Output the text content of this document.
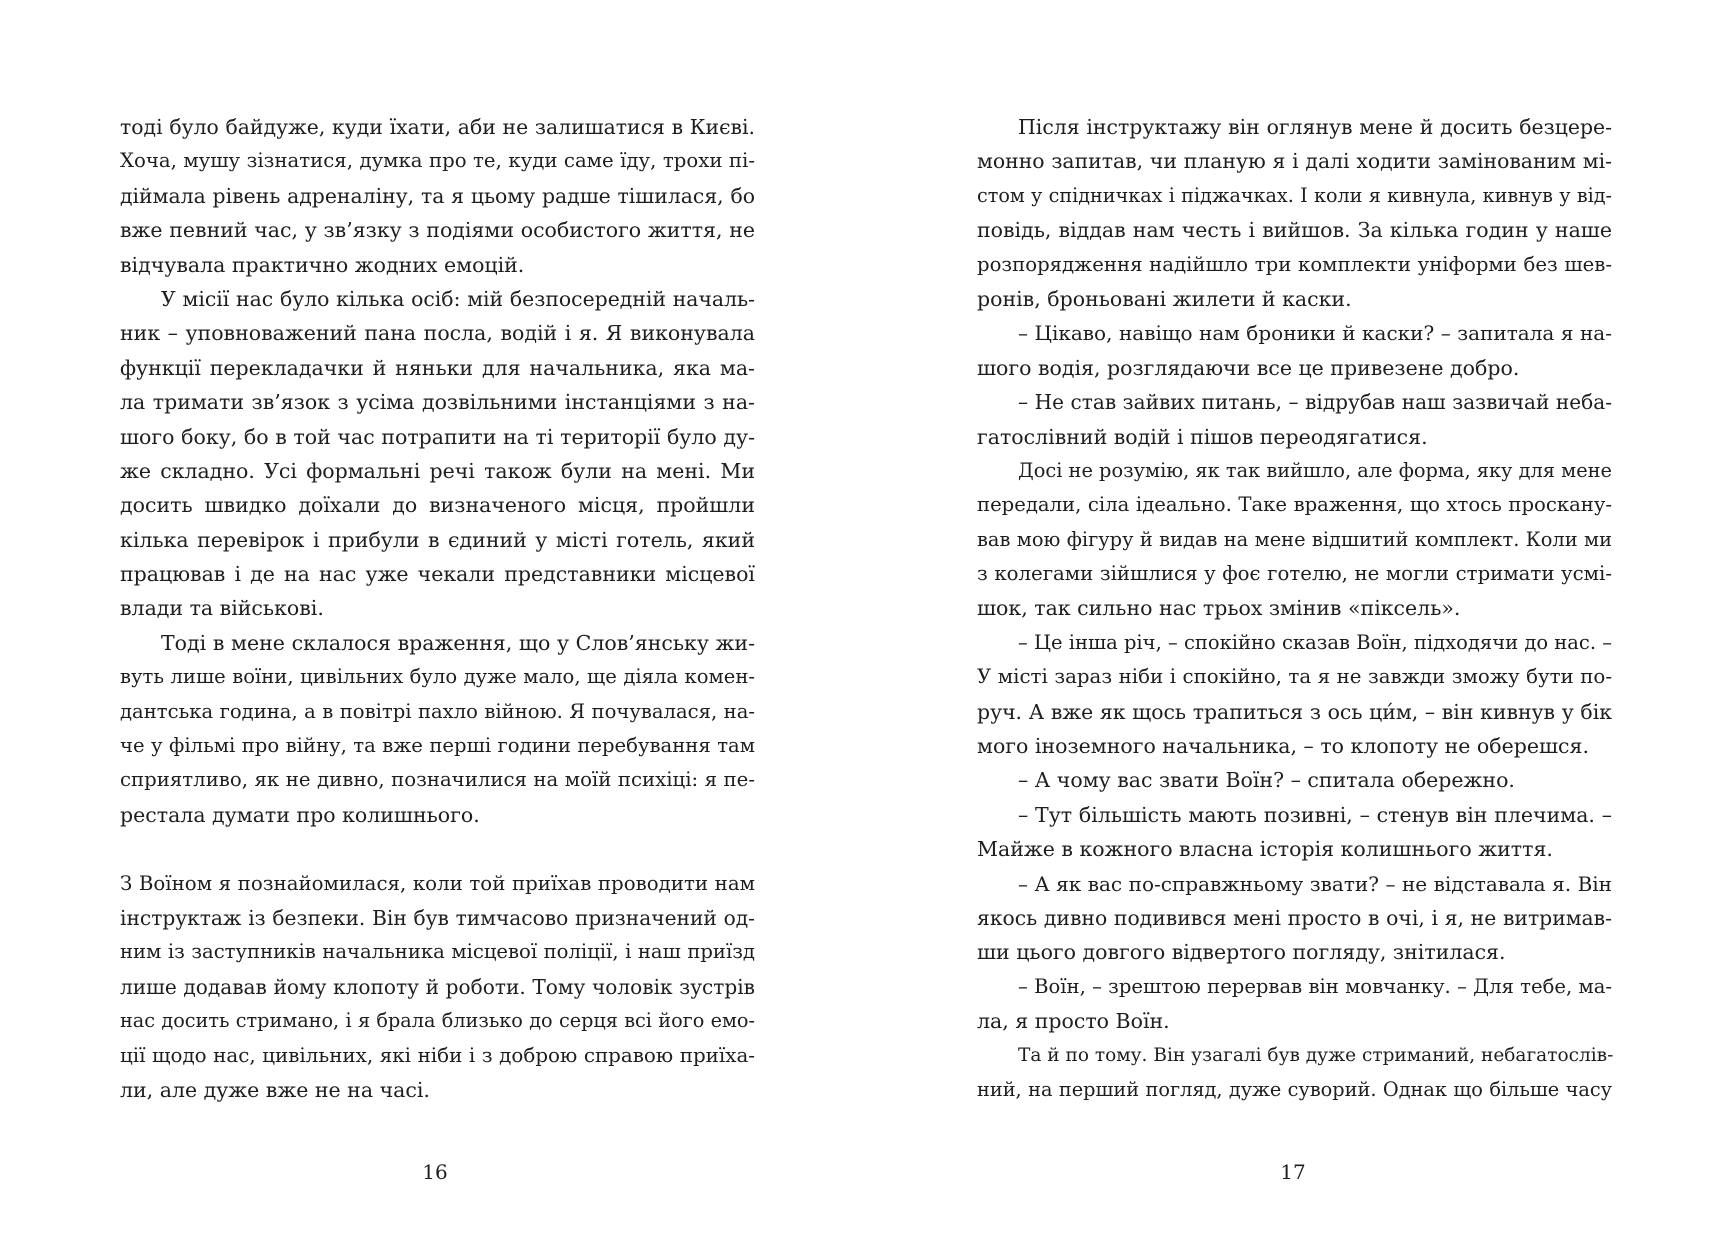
тоді було байдуже, куди їхати, аби не залишатися в Києві.
Хоча, мушу зізнатися, думка про те, куди саме їду, трохи пі-
діймала рівень адреналіну, та я цьому радше тішилася, бо
вже певний час, у зв’язку з подіями особистого життя, не
відчувала практично жодних емоцій.
У місії нас було кілька осіб: мій безпосередній началь-
ник – уповноважений пана посла, водій і я. Я виконувала
функції перекладачки й няньки для начальника, яка ма-
ла тримати зв’язок з усіма дозвільними інстанціями з на-
шого боку, бо в той час потрапити на ті території було ду-
же складно. Усі формальні речі також були на мені. Ми
досить швидко доїхали до визначеного місця, пройшли
кілька перевірок і прибули в єдиний у місті готель, який
працював і де на нас уже чекали представники місцевої
влади та військові.
Тоді в мене склалося враження, що у Слов’янську жи-
вуть лише воїни, цивільних було дуже мало, ще діяла комен-
дантська година, а в повітрі пахло війною. Я почувалася, на-
че у фільмі про війну, та вже перші години перебування там
сприятливо, як не дивно, позначилися на моїй психіці: я пе-
рестала думати про колишнього.
З Воїном я познайомилася, коли той приїхав проводити нам
інструктаж із безпеки. Він був тимчасово призначений од-
ним із заступників начальника місцевої поліції, і наш приїзд
лише додавав йому клопоту й роботи. Тому чоловік зустрів
нас досить стримано, і я брала близько до серця всі його емо-
ції щодо нас, цивільних, які ніби і з доброю справою приїха-
ли, але дуже вже не на часі.
16
Після інструктажу він оглянув мене й досить безцере-
монно запитав, чи планую я і далі ходити замінованим мі-
стом у спідничках і піджачках. І коли я кивнула, кивнув у від-
повідь, віддав нам честь і вийшов. За кілька годин у наше
розпорядження надійшло три комплекти уніформи без шев-
ронів, броньовані жилети й каски.
– Цікаво, навіщо нам броники й каски? – запитала я на-
шого водія, розглядаючи все це привезене добро.
– Не став зайвих питань, – відрубав наш зазвичай неба-
гатослівний водій і пішов переодягатися.
Досі не розумію, як так вийшло, але форма, яку для мене
передали, сіла ідеально. Таке враження, що хтось проскану-
вав мою фігуру й видав на мене відшитий комплект. Коли ми
з колегами зійшлися у фоє готелю, не могли стримати усмі-
шок, так сильно нас трьох змінив «піксель».
– Це інша річ, – спокійно сказав Воїн, підходячи до нас. –
У місті зараз ніби і спокійно, та я не завжди зможу бути по-
руч. А вже як щось трапиться з ось ци́м, – він кивнув у бік
мого іноземного начальника, – то клопоту не оберешся.
– А чому вас звати Воїн? – спитала обережно.
– Тут більшість мають позивні, – стенув він плечима. –
Майже в кожного власна історія колишнього життя.
– А як вас по-справжньому звати? – не відставала я. Він
якось дивно подивився мені просто в очі, і я, не витримав-
ши цього довгого відвертого погляду, знітилася.
– Воїн, – зрештою перервав він мовчанку. – Для тебе, ма-
ла, я просто Воїн.
Та й по тому. Він узагалі був дуже стриманий, небагатослів-
ний, на перший погляд, дуже суворий. Однак що більше часу
17
